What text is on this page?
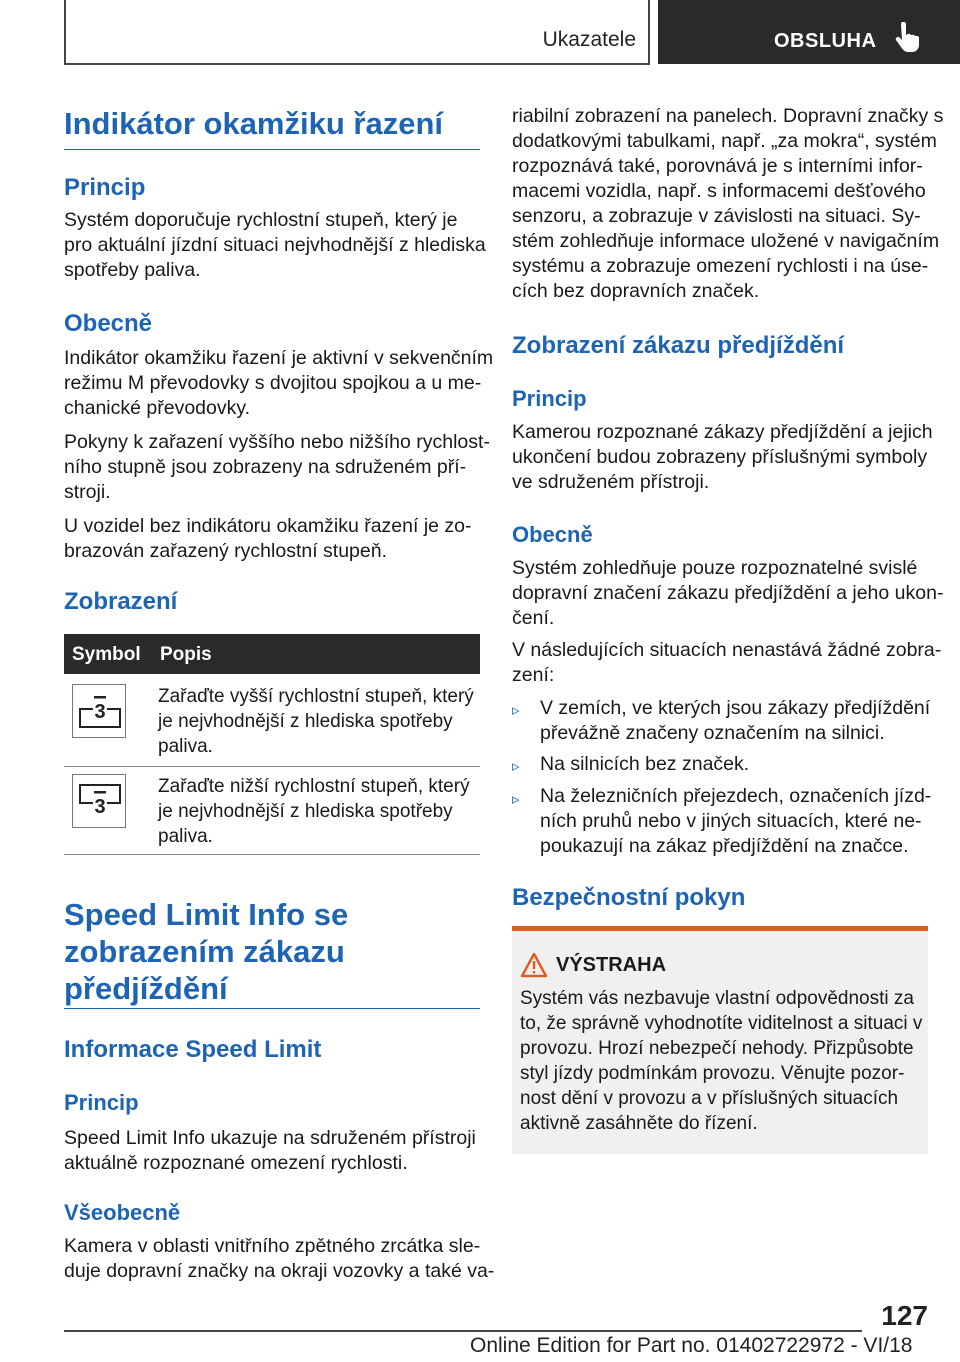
Ukazatele	OBSLUHA
Indikátor okamžiku řazení
Princip
Systém doporučuje rychlostní stupeň, který je
pro aktuální jízdní situaci nejvhodnější z hlediska
spotřeby paliva.
Obecně
Indikátor okamžiku řazení je aktivní v sekvenčním
režimu M převodovky s dvojitou spojkou a u me-
chanické převodovky.
Pokyny k zařazení vyššího nebo nižšího rychlost-
ního stupně jsou zobrazeny na sdruženém pří-
stroji.
U vozidel bez indikátoru okamžiku řazení je zo-
brazován zařazený rychlostní stupeň.
Zobrazení
Symbol Popis
3
Zařaďte vyšší rychlostní stupeň, který
je nejvhodnější z hlediska spotřeby
paliva.
3
Zařaďte nižší rychlostní stupeň, který
je nejvhodnější z hlediska spotřeby
paliva.
Speed Limit Info se
zobrazením zákazu
předjíždění
Informace Speed Limit
Princip
Speed Limit Info ukazuje na sdruženém přístroji
aktuálně rozpoznané omezení rychlosti.
Všeobecně
Kamera v oblasti vnitřního zpětného zrcátka sle-
duje dopravní značky na okraji vozovky a také va-
riabilní zobrazení na panelech. Dopravní značky s
dodatkovými tabulkami, např. „za mokra“, systém
rozpoznává také, porovnává je s interními infor-
macemi vozidla, např. s informacemi dešťového
senzoru, a zobrazuje v závislosti na situaci. Sy-
stém zohledňuje informace uložené v navigačním
systému a zobrazuje omezení rychlosti i na úse-
cích bez dopravních značek.
Zobrazení zákazu předjíždění
Princip
Kamerou rozpoznané zákazy předjíždění a jejich
ukončení budou zobrazeny příslušnými symboly
ve sdruženém přístroji.
Obecně
Systém zohledňuje pouze rozpoznatelné svislé
dopravní značení zákazu předjíždění a jeho ukon-
čení.
V následujících situacích nenastává žádné zobra-
zení:
▹ V zemích, ve kterých jsou zákazy předjíždění
převážně značeny označením na silnici.
▹ Na silnicích bez značek.
▹ Na železničních přejezdech, označeních jízd-
ních pruhů nebo v jiných situacích, které ne-
poukazují na zákaz předjíždění na značce.
Bezpečnostní pokyn
VÝSTRAHA
Systém vás nezbavuje vlastní odpovědnosti za
to, že správně vyhodnotíte viditelnost a situaci v
provozu. Hrozí nebezpečí nehody. Přizpůsobte
styl jízdy podmínkám provozu. Věnujte pozor-
nost dění v provozu a v příslušných situacích
aktivně zasáhněte do řízení.
127
Online Edition for Part no. 01402722972 - VI/18
